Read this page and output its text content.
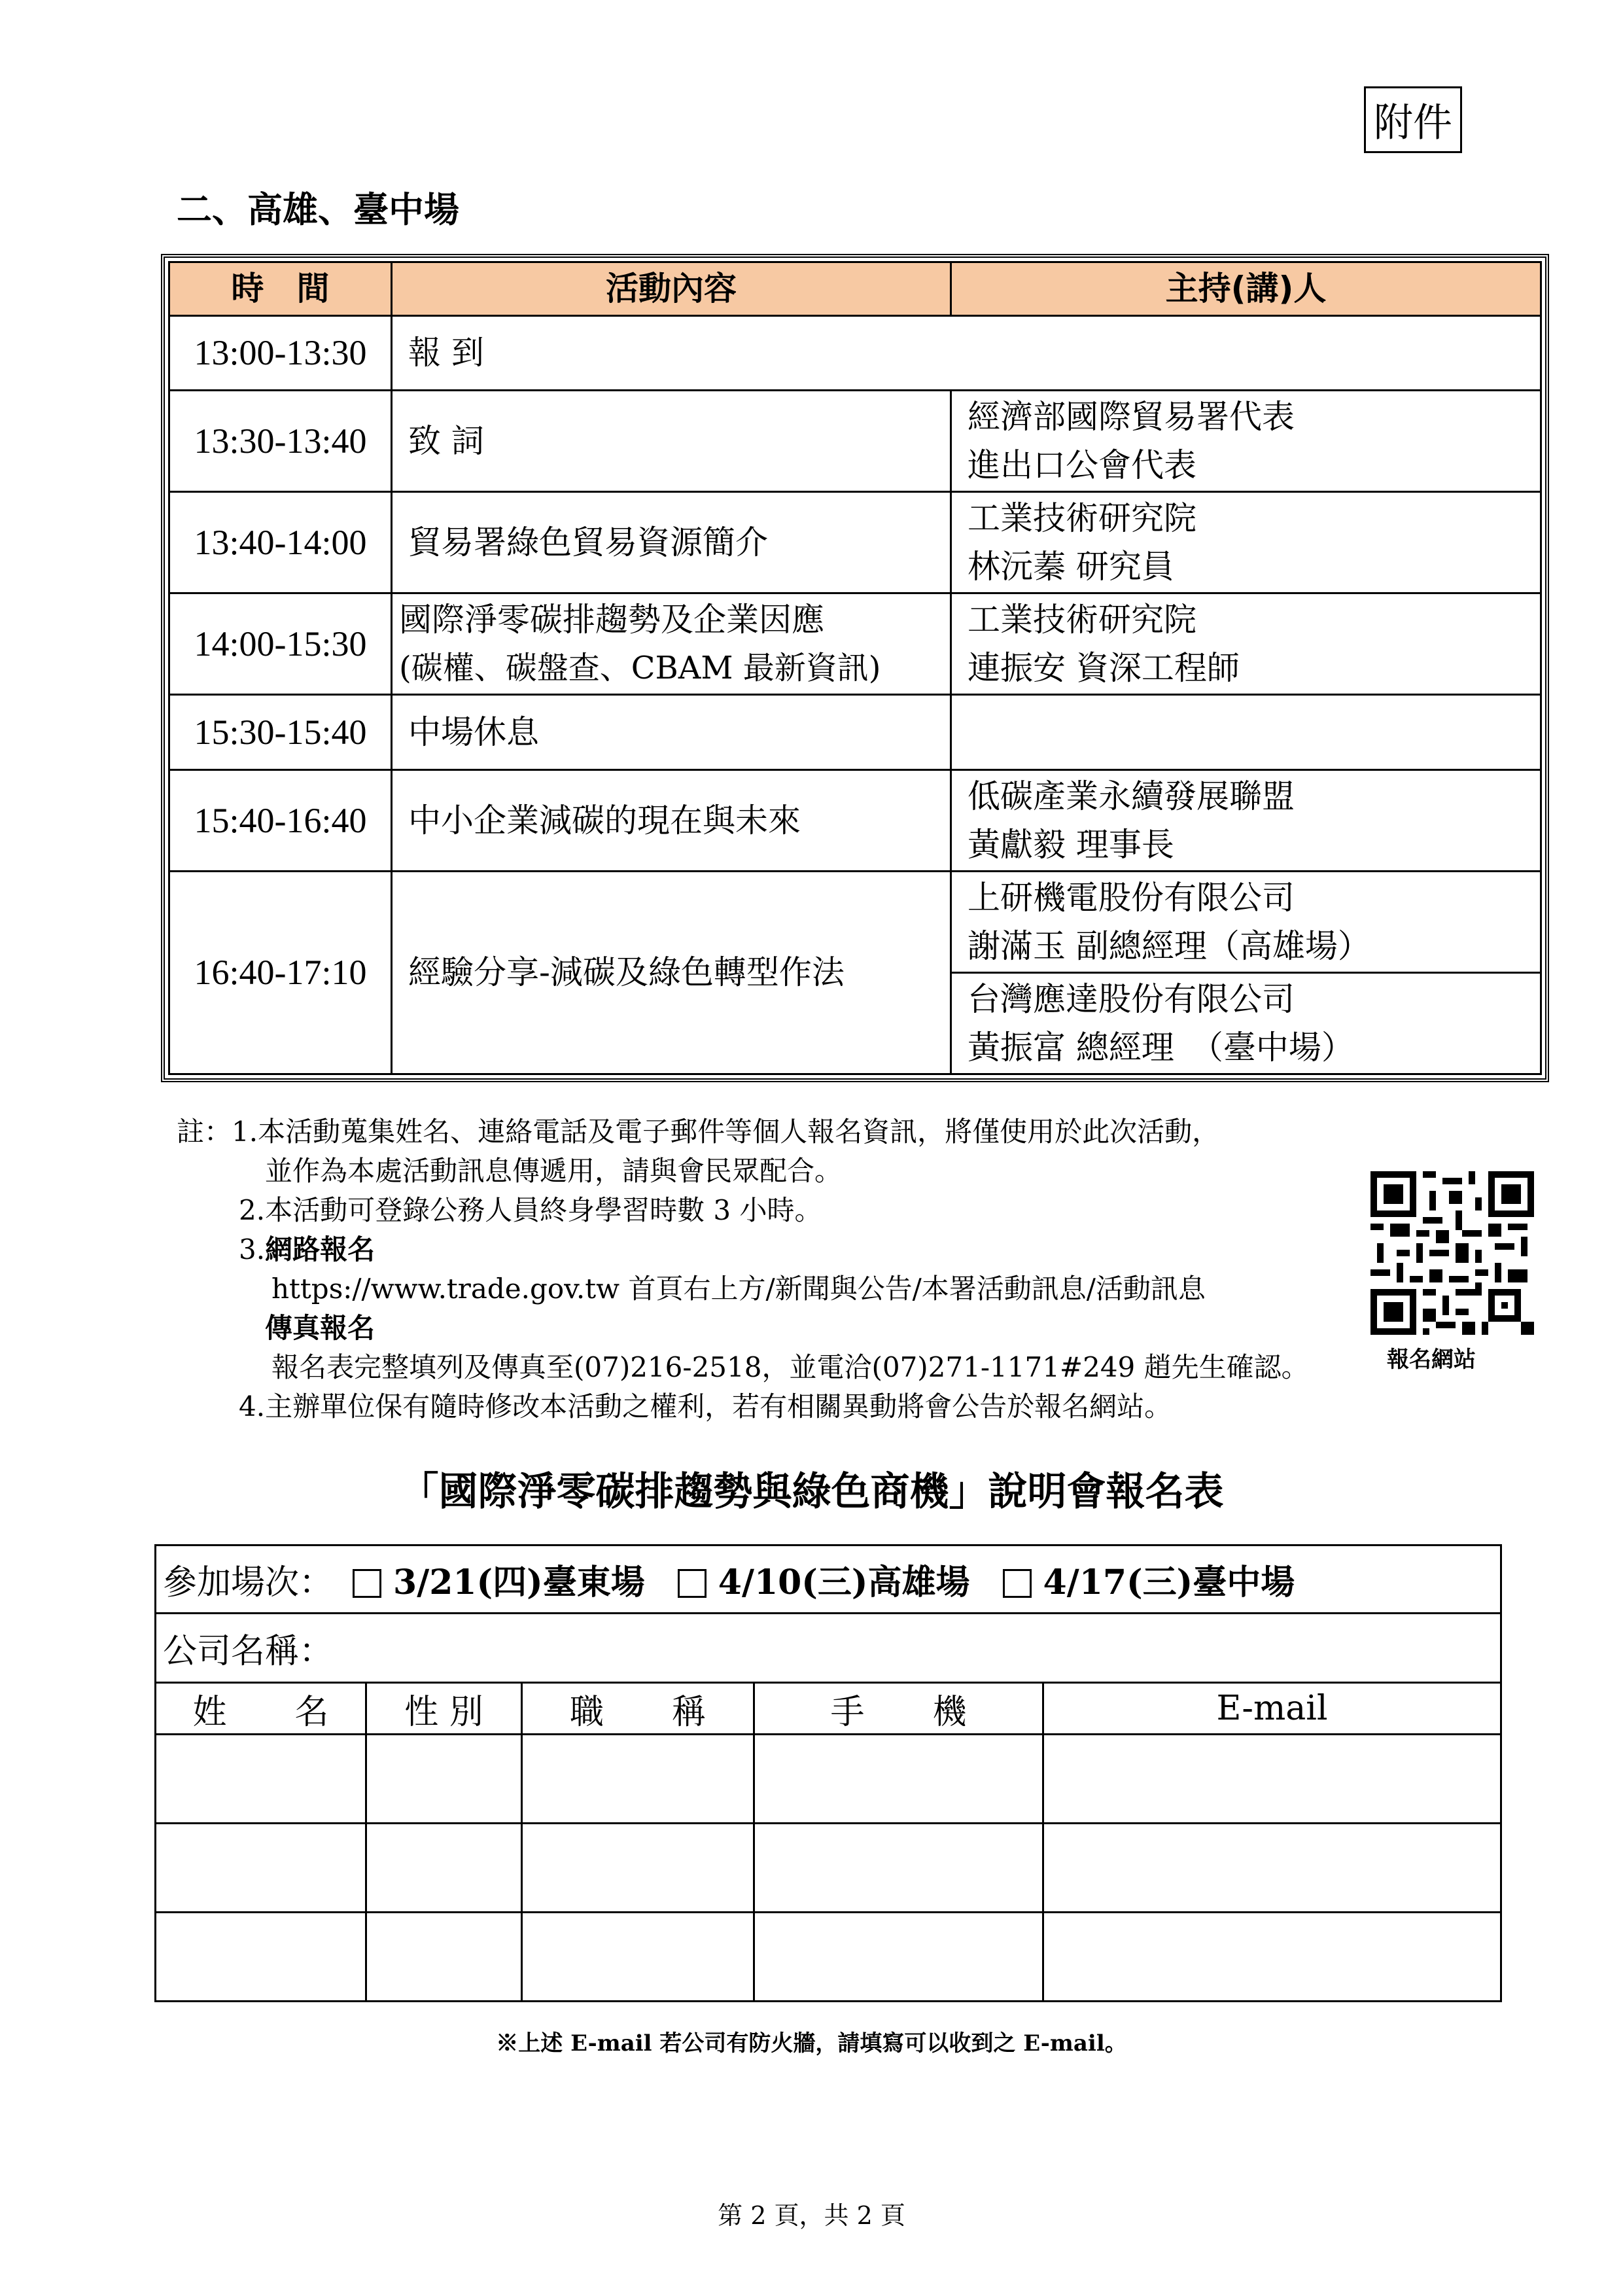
附件
二、高雄、臺中場
時　間	活動內容	主持(講)人
13:00-13:30	報 到	
13:30-13:40	致 詞	經濟部國際貿易署代表
進出口公會代表

13:40-14:00	貿易署綠色貿易資源簡介	工業技術研究院
林沅蓁 研究員

14:00-15:30	國際淨零碳排趨勢及企業因應
(碳權、碳盤查、CBAM 最新資訊)	工業技術研究院
連振安 資深工程師

15:30-15:40	中場休息	
15:40-16:40	中小企業減碳的現在與未來	低碳產業永續發展聯盟
黃獻毅 理事長

16:40-17:10	經驗分享-減碳及綠色轉型作法	上研機電股份有限公司
謝滿玉 副總經理（高雄場）

		台灣應達股份有限公司
黃振富 總經理　（臺中場）
註：1.本活動蒐集姓名、連絡電話及電子郵件等個人報名資訊，將僅使用於此次活動，
並作為本處活動訊息傳遞用，請與會民眾配合。
2.本活動可登錄公務人員終身學習時數 3 小時。
3.網路報名
https://www.trade.gov.tw 首頁右上方/新聞與公告/本署活動訊息/活動訊息
傳真報名
報名表完整填列及傳真至(07)216-2518，並電洽(07)271-1171#249 趙先生確認。
4.主辦單位保有隨時修改本活動之權利，若有相關異動將會公告於報名網站。
報名網站
「國際淨零碳排趨勢與綠色商機」說明會報名表
參加場次： 3/21(四)臺東場 4/10(三)高雄場 4/17(三)臺中場				
公司名稱：				
姓　　名	性 別	職　　稱	手　　機	E-mail

※上述 E-mail 若公司有防火牆，請填寫可以收到之 E-mail。
第 2 頁，共 2 頁
